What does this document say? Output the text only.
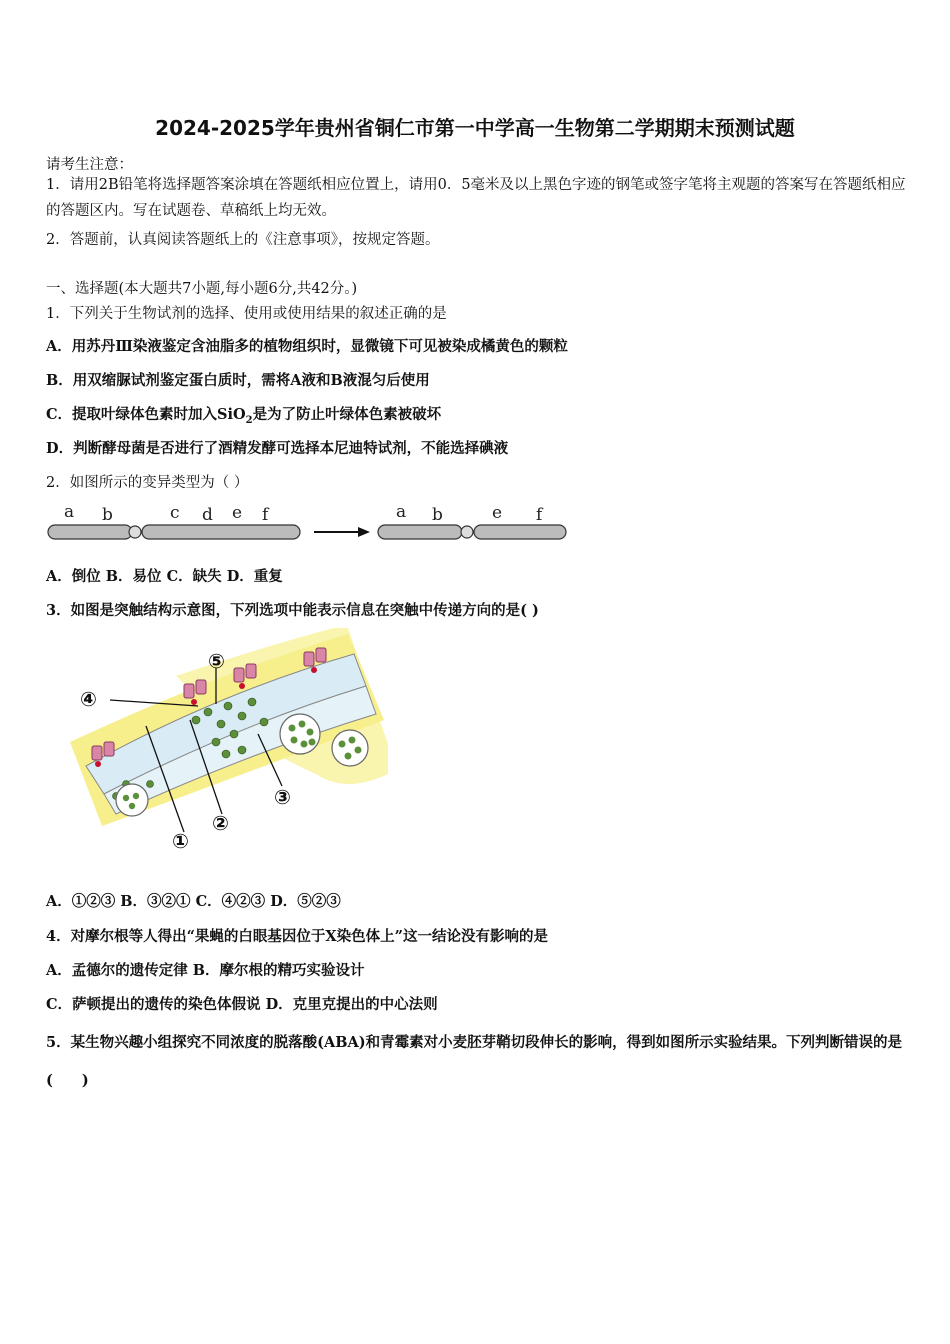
2024-2025学年贵州省铜仁市第一中学高一生物第二学期期末预测试题
请考生注意：
1．请用2B铅笔将选择题答案涂填在答题纸相应位置上，请用0．5毫米及以上黑色字迹的钢笔或签字笔将主观题的答案写在答题纸相应的答题区内。写在试题卷、草稿纸上均无效。
2．答题前，认真阅读答题纸上的《注意事项》，按规定答题。
一、选择题(本大题共7小题,每小题6分,共42分。)
1．下列关于生物试剂的选择、使用或使用结果的叙述正确的是
A．用苏丹Ⅲ染液鉴定含油脂多的植物组织时，显微镜下可见被染成橘黄色的颗粒
B．用双缩脲试剂鉴定蛋白质时，需将A液和B液混匀后使用
C．提取叶绿体色素时加入SiO$_2$是为了防止叶绿体色素被破坏
D．判断酵母菌是否进行了酒精发酵可选择本尼迪特试剂，不能选择碘液
2．如图所示的变异类型为（ ）
a b	c d e f	a b	e f
A．倒位 B．易位 C．缺失 D．重复
3．如图是突触结构示意图，下列选项中能表示信息在突触中传递方向的是( )
④
⑤
①
②
③
A．①②③ B．③②① C．④②③ D．⑤②③
4．对摩尔根等人得出“果蝇的白眼基因位于X染色体上”这一结论没有影响的是
A．孟德尔的遗传定律 B．摩尔根的精巧实验设计
C．萨顿提出的遗传的染色体假说 D．克里克提出的中心法则
5．某生物兴趣小组探究不同浓度的脱落酸(ABA)和青霉素对小麦胚芽鞘切段伸长的影响，得到如图所示实验结果。下列判断错误的是(　　)
